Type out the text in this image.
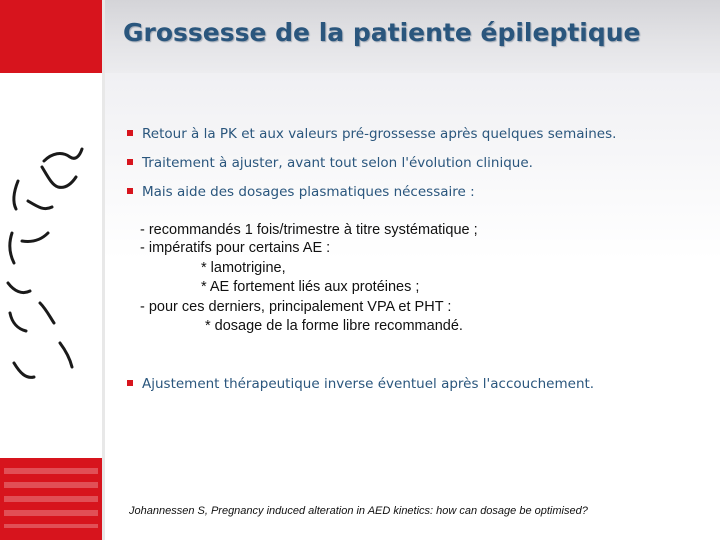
Grossesse de la patiente épileptique
Retour à la PK et aux valeurs pré-grossesse après quelques semaines.
Traitement à ajuster, avant tout selon l'évolution clinique.
Mais aide des dosages plasmatiques nécessaire :
- recommandés 1 fois/trimestre à titre systématique ;
- impératifs pour certains AE :
* lamotrigine,
* AE fortement liés aux protéines ;
- pour ces derniers, principalement VPA et PHT :
* dosage de la forme libre recommandé.
Ajustement thérapeutique inverse éventuel après l'accouchement.
Johannessen S, Pregnancy induced alteration in AED kinetics: how can dosage be optimised?
